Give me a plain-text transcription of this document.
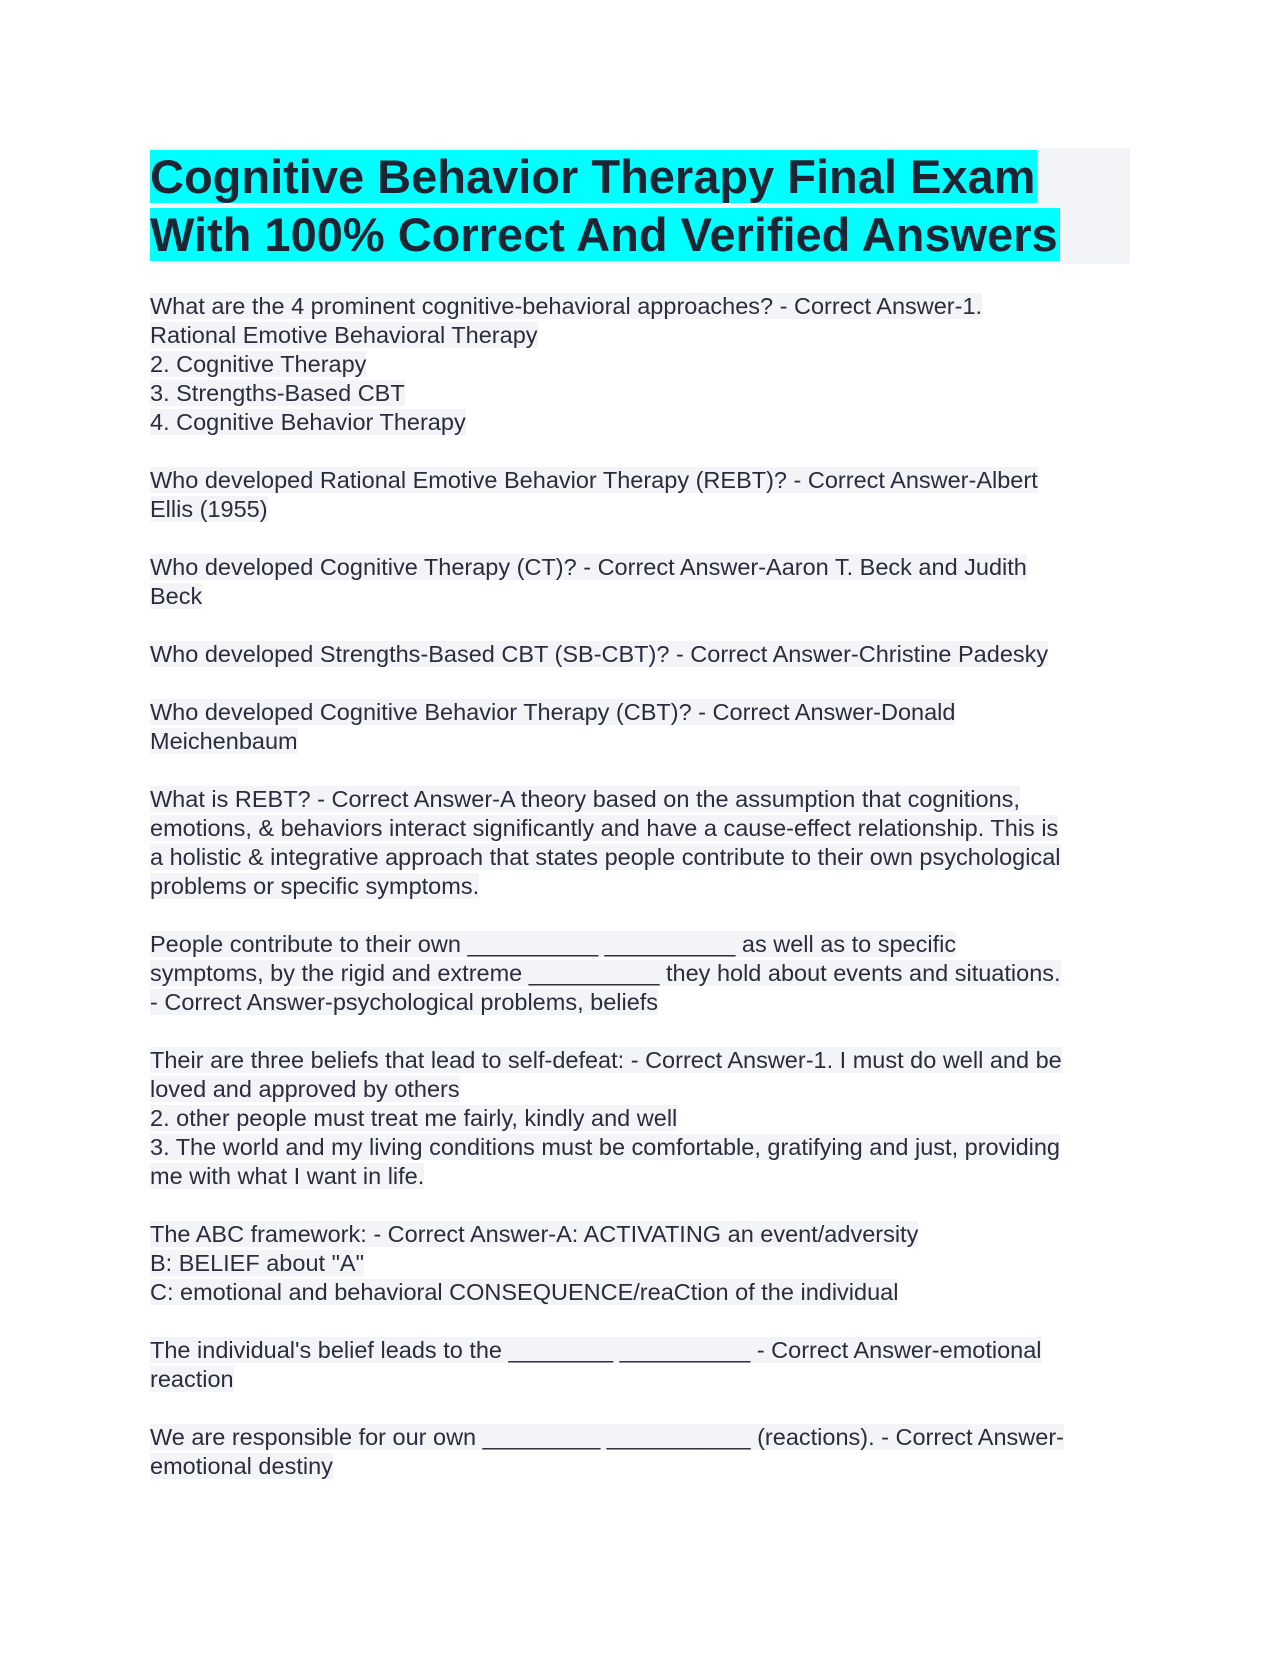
Cognitive Behavior Therapy Final Exam
With 100% Correct And Verified Answers

What are the 4 prominent cognitive-behavioral approaches? - Correct Answer-1.
Rational Emotive Behavioral Therapy
2. Cognitive Therapy
3. Strengths-Based CBT
4. Cognitive Behavior Therapy

Who developed Rational Emotive Behavior Therapy (REBT)? - Correct Answer-Albert
Ellis (1955)

Who developed Cognitive Therapy (CT)? - Correct Answer-Aaron T. Beck and Judith
Beck

Who developed Strengths-Based CBT (SB-CBT)? - Correct Answer-Christine Padesky

Who developed Cognitive Behavior Therapy (CBT)? - Correct Answer-Donald
Meichenbaum

What is REBT? - Correct Answer-A theory based on the assumption that cognitions,
emotions, & behaviors interact significantly and have a cause-effect relationship. This is
a holistic & integrative approach that states people contribute to their own psychological
problems or specific symptoms.

People contribute to their own __________ __________ as well as to specific
symptoms, by the rigid and extreme __________ they hold about events and situations.
- Correct Answer-psychological problems, beliefs

Their are three beliefs that lead to self-defeat: - Correct Answer-1. I must do well and be
loved and approved by others
2. other people must treat me fairly, kindly and well
3. The world and my living conditions must be comfortable, gratifying and just, providing
me with what I want in life.

The ABC framework: - Correct Answer-A: ACTIVATING an event/adversity
B: BELIEF about "A"
C: emotional and behavioral CONSEQUENCE/reaCtion of the individual

The individual's belief leads to the ________ __________ - Correct Answer-emotional
reaction

We are responsible for our own _________ ___________ (reactions). - Correct Answer-
emotional destiny
